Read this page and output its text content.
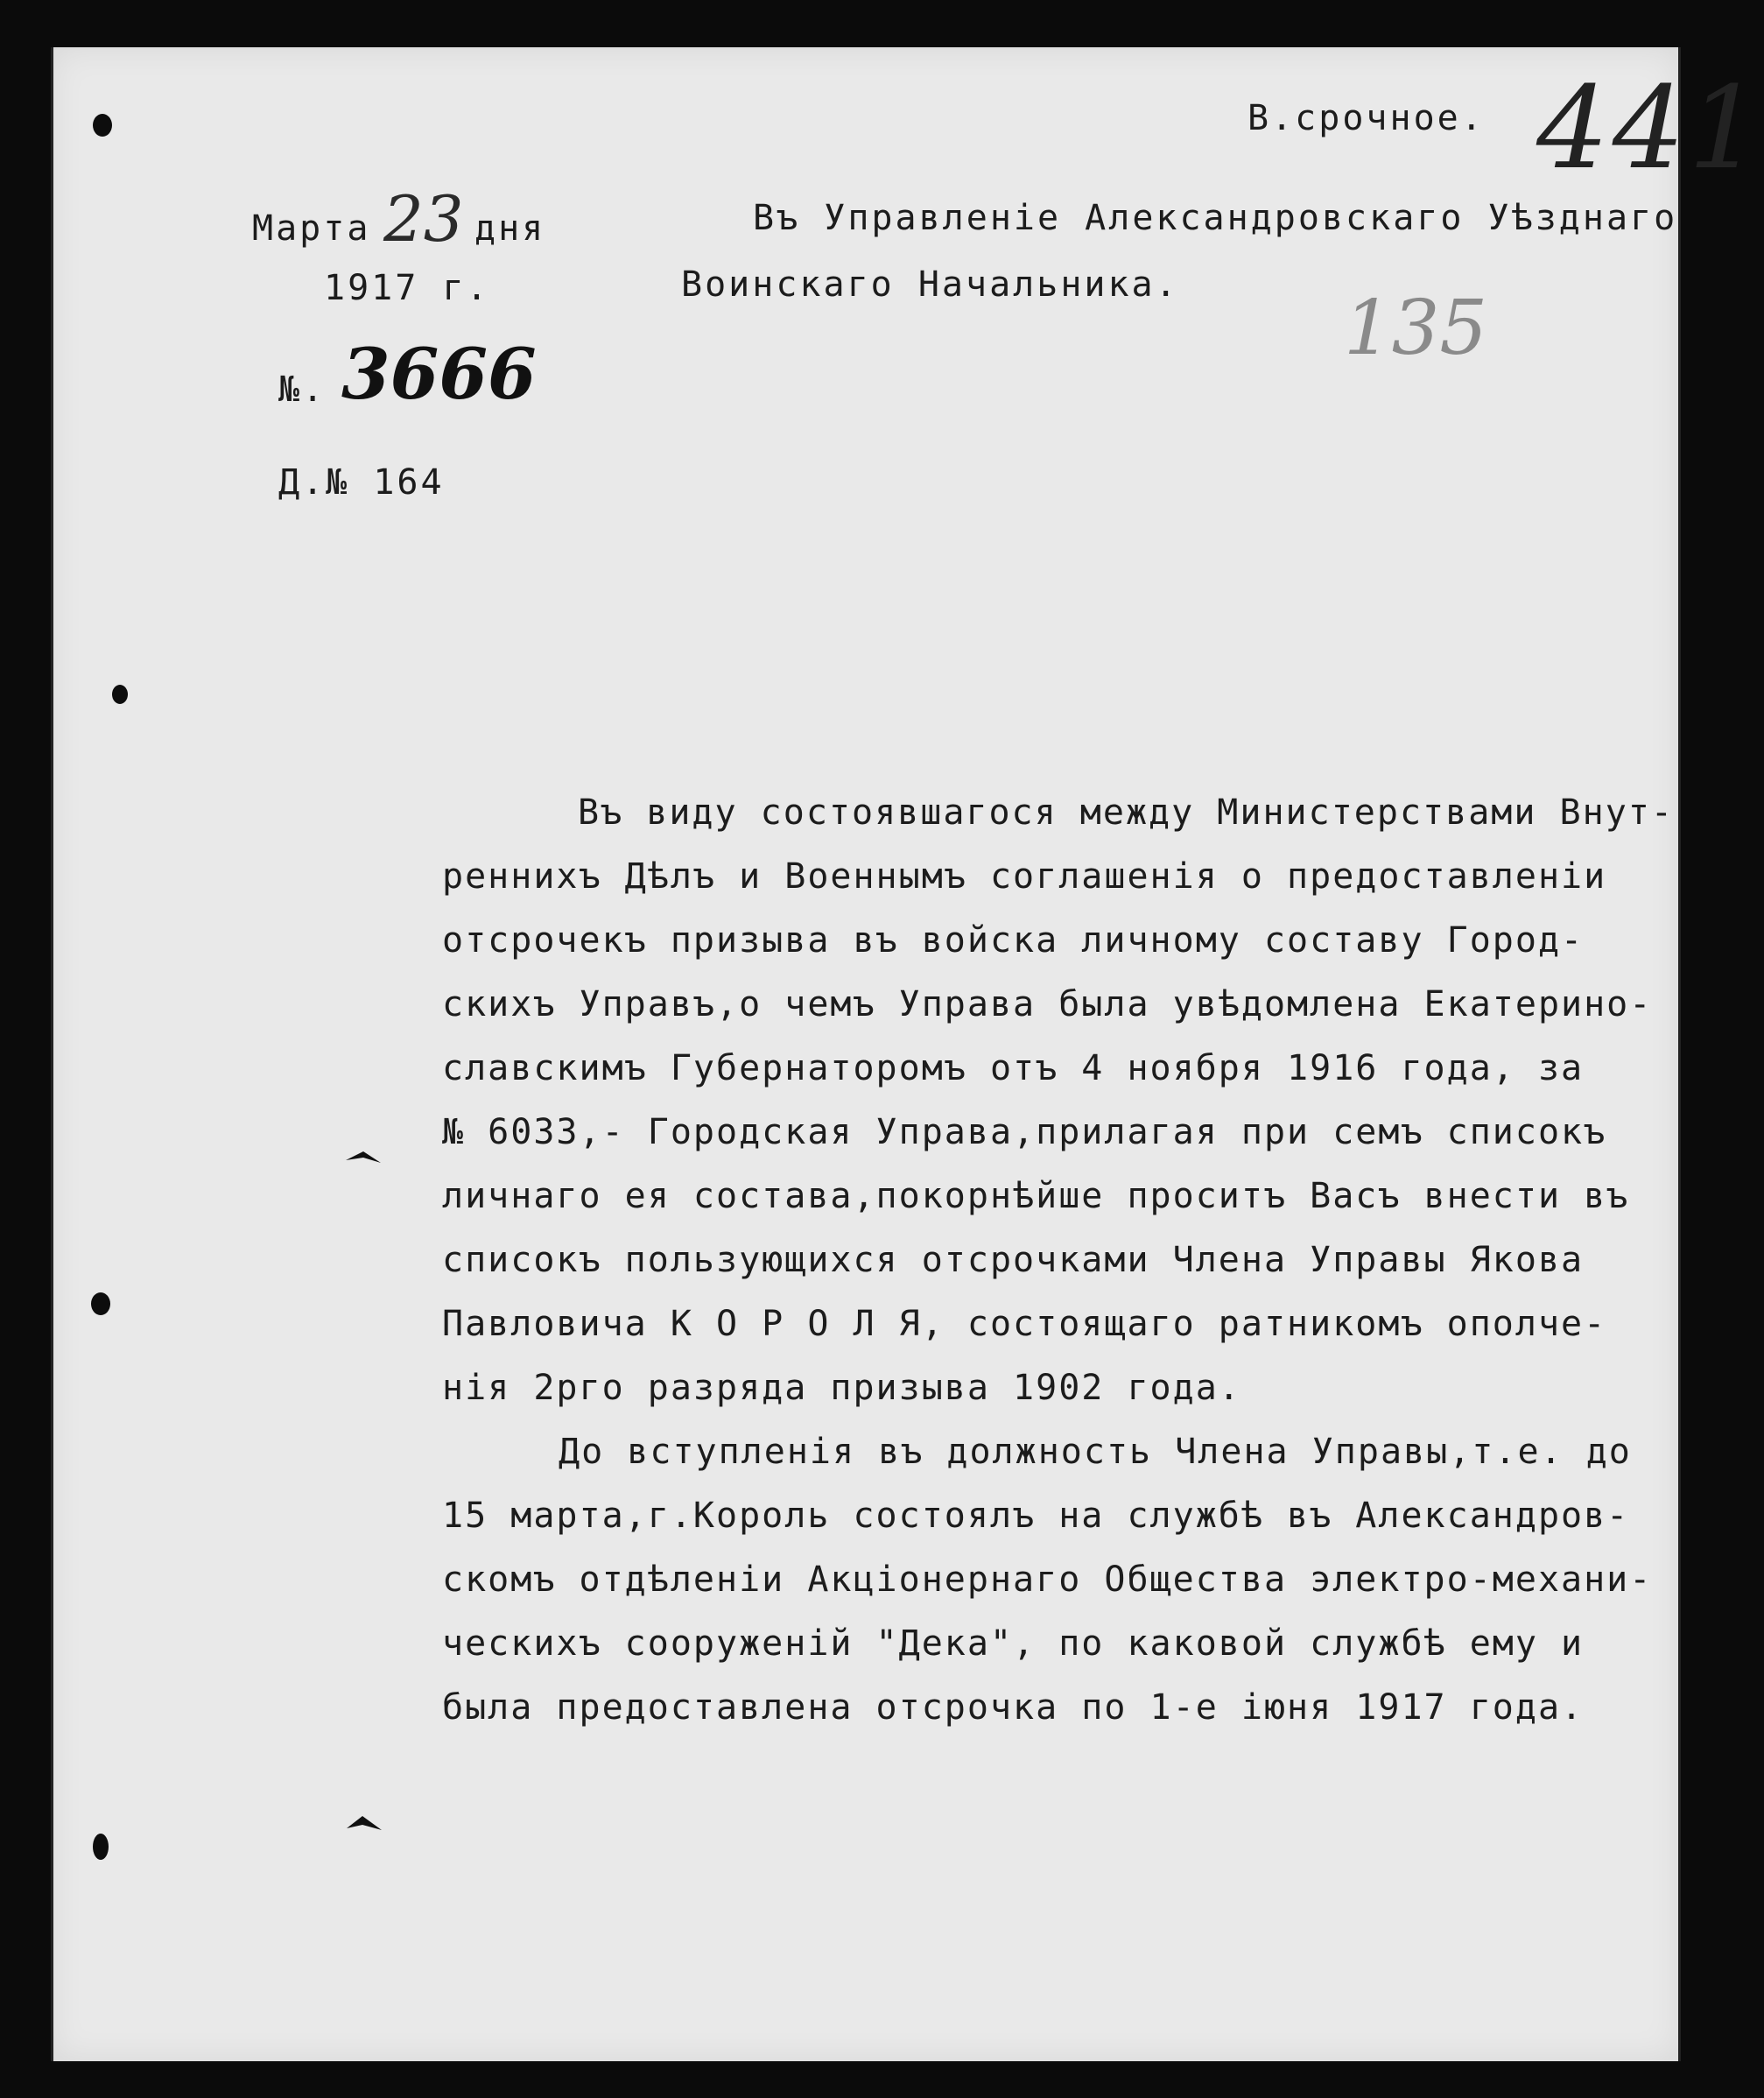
В.срочное. 441
135
Марта 23 дня
1917 г.
№. 3666
Д.№ 164
Въ Управленіе Александровскаго Уѣзднаго
Воинскаго Начальника.
Въ виду состоявшагося между Министерствами Внут-
реннихъ Дѣлъ и Военнымъ соглашенія о предоставленіи
отсрочекъ призыва въ войска личному составу Город-
скихъ Управъ,о чемъ Управа была увѣдомлена Екатерино-
славскимъ Губернаторомъ отъ 4 ноября 1916 года, за
№ 6033,- Городская Управа,прилагая при семъ списокъ
личнаго ея состава,покорнѣйше проситъ Васъ внести въ
списокъ пользующихся отсрочками Члена Управы Якова
Павловича К О Р О Л Я, состоящаго ратникомъ ополче-
нія 2рго разряда призыва 1902 года.
До вступленія въ должность Члена Управы,т.е. до
15 марта,г.Король состоялъ на службѣ въ Александров-
скомъ отдѣленіи Акціонернаго Общества электро-механи-
ческихъ сооруженій "Дека", по каковой службѣ ему и
была предоставлена отсрочка по 1-е іюня 1917 года.
